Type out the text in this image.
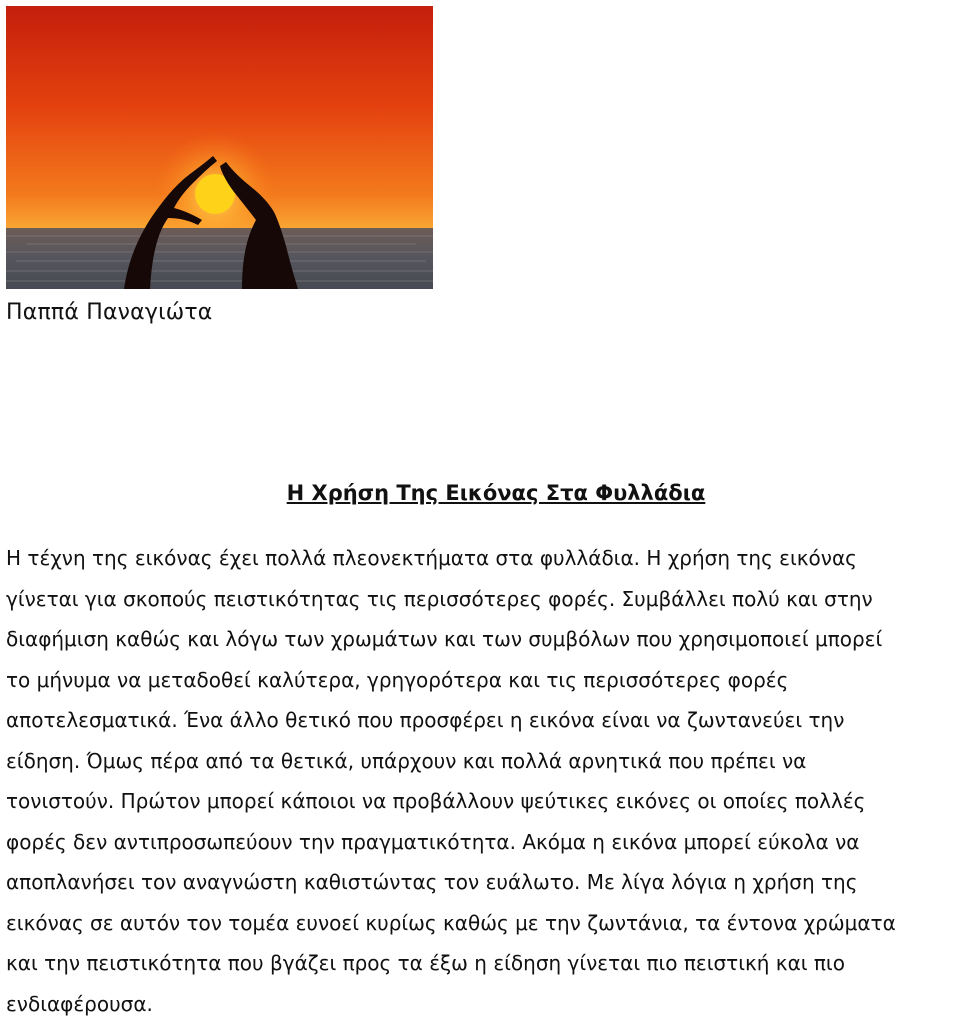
Παππά Παναγιώτα

Η Χρήση Της Εικόνας Στα Φυλλάδια
Η τέχνη της εικόνας έχει πολλά πλεονεκτήματα στα φυλλάδια. Η χρήση της εικόνας
γίνεται για σκοπούς πειστικότητας τις περισσότερες φορές. Συμβάλλει πολύ και στην
διαφήμιση καθώς και λόγω των χρωμάτων και των συμβόλων που χρησιμοποιεί μπορεί
το μήνυμα να μεταδοθεί καλύτερα, γρηγορότερα και τις περισσότερες φορές
αποτελεσματικά. Ένα άλλο θετικό που προσφέρει η εικόνα είναι να ζωντανεύει την
είδηση. Όμως πέρα από τα θετικά, υπάρχουν και πολλά αρνητικά που πρέπει να
τονιστούν. Πρώτον μπορεί κάποιοι να προβάλλουν ψεύτικες εικόνες οι οποίες πολλές
φορές δεν αντιπροσωπεύουν την πραγματικότητα. Ακόμα η εικόνα μπορεί εύκολα να
αποπλανήσει τον αναγνώστη καθιστώντας τον ευάλωτο. Με λίγα λόγια η χρήση της
εικόνας σε αυτόν τον τομέα ευνοεί κυρίως καθώς με την ζωντάνια, τα έντονα χρώματα
και την πειστικότητα που βγάζει προς τα έξω η είδηση γίνεται πιο πειστική και πιο
ενδιαφέρουσα.
